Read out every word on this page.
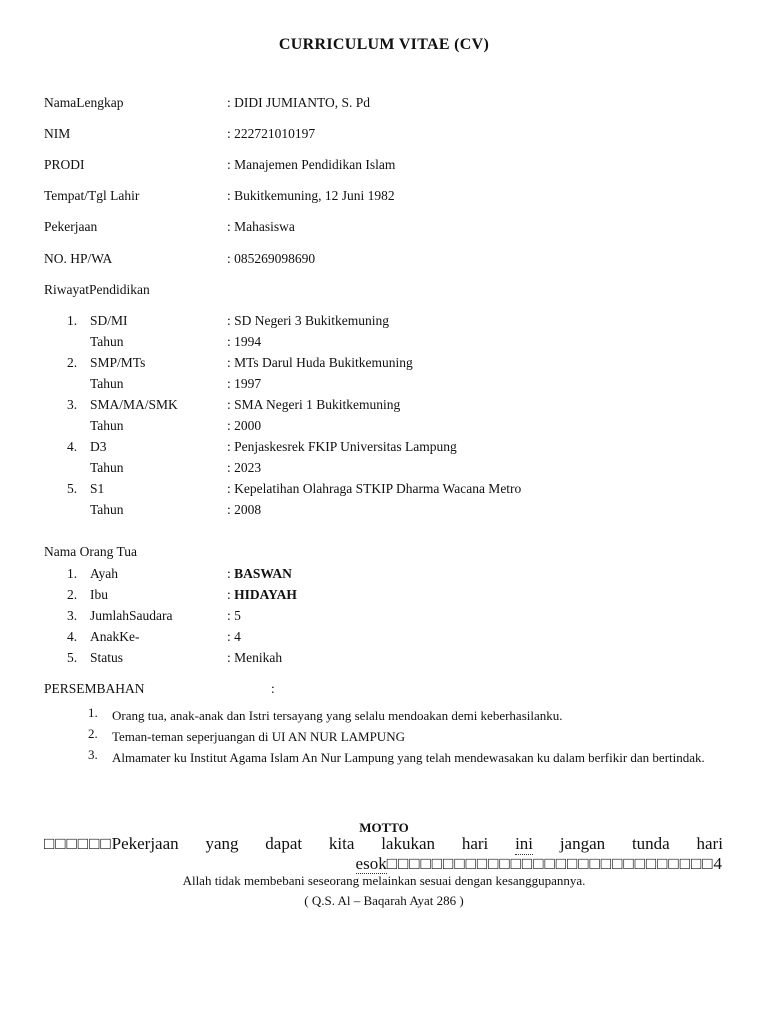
CURRICULUM VITAE (CV)
NamaLengkap	: DIDI JUMIANTO, S. Pd
NIM	: 222721010197
PRODI	: Manajemen Pendidikan Islam
Tempat/Tgl Lahir	: Bukitkemuning, 12 Juni 1982
Pekerjaan	: Mahasiswa
NO. HP/WA	: 085269098690
RiwayatPendidikan
1. SD/MI	: SD Negeri 3 Bukitkemuning
Tahun	: 1994
2. SMP/MTs	: MTs Darul Huda Bukitkemuning
Tahun	: 1997
3. SMA/MA/SMK	: SMA Negeri 1 Bukitkemuning
Tahun	: 2000
4. D3	: Penjaskesrek FKIP Universitas Lampung
Tahun	: 2023
5. S1	: Kepelatihan Olahraga STKIP Dharma Wacana Metro
Tahun	: 2008
Nama Orang Tua
1. Ayah	: BASWAN
2. Ibu	: HIDAYAH
3. JumlahSaudara	: 5
4. AnakKe-	: 4
5. Status	: Menikah
PERSEMBAHAN	:
1. Orang tua, anak-anak dan Istri tersayang yang selalu mendoakan demi keberhasilanku.
2. Teman-teman seperjuangan di UI AN NUR LAMPUNG
3. Almamater ku Institut Agama Islam An Nur Lampung yang telah mendewasakan ku dalam berfikir dan bertindak.
MOTTO
□□□□□□Pekerjaan yang dapat kita lakukan hari ini jangan tunda hari
esok□□□□□□□□□□□□□□□□□□□□□□□□□□□□□4
Allah tidak membebani seseorang melainkan sesuai dengan kesanggupannya.
( Q.S. Al – Baqarah Ayat 286 )
